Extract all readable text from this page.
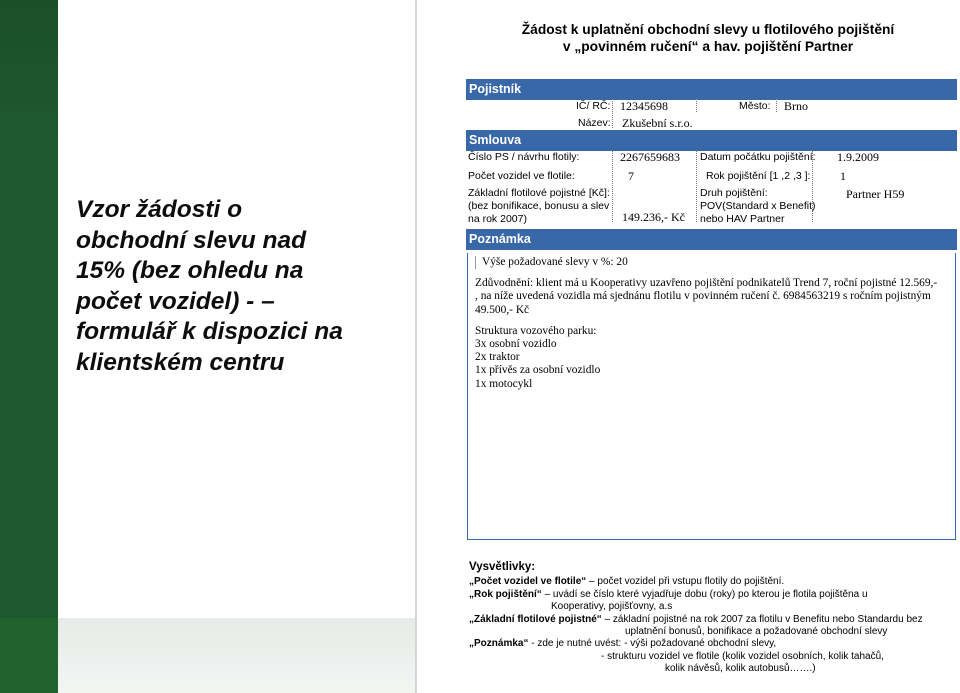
Vzor žádosti o
obchodní slevu nad
15% (bez ohledu na
počet vozidel) - –
formulář k dispozici na
klientském centru
Žádost k uplatnění obchodní slevy u flotilového pojištění
v „povinném ručení“ a hav. pojištění Partner
Pojistník
IČ/ RČ: 12345698	Město: Brno
Název: Zkušební s.r.o.
Smlouva
Číslo PS / návrhu flotily:	2267659683 Datum počátku pojištění: 1.9.2009
Počet vozidel ve flotile:	7	Rok pojištění [1 ,2 ,3 ]: 1
Základní flotilové pojistné [Kč]:
(bez bonifikace, bonusu a slev
na rok 2007)	149.236,- Kč
Druh pojištění:
POV(Standard x Benefit)
nebo HAV Partner
Partner H59
Poznámka
Výše požadované slevy v %: 20
Zdůvodnění: klient má u Kooperativy uzavřeno pojištění podnikatelů Trend 7, roční pojistné 12.569,-
, na níže uvedená vozidla má sjednánu flotilu v povinném ručení č. 6984563219 s ročním pojistným
49.500,- Kč
Struktura vozového parku:
3x osobní vozidlo
2x traktor
1x přívěs za osobní vozidlo
1x motocykl
Vysvětlivky:
„Počet vozidel ve flotile“ – počet vozidel při vstupu flotily do pojištění.
„Rok pojištění“ – uvádí se číslo které vyjadřuje dobu (roky) po kterou je flotila pojištěna u
Kooperativy, pojišťovny, a.s
„Základní flotilové pojistné“ – základní pojistné na rok 2007 za flotilu v Benefitu nebo Standardu bez
uplatnění bonusů, bonifikace a požadované obchodní slevy
„Poznámka“ - zde je nutné uvést: - výši požadované obchodní slevy,
- strukturu vozidel ve flotile (kolik vozidel osobních, kolik tahačů,
kolik návěsů, kolik autobusů…….)
